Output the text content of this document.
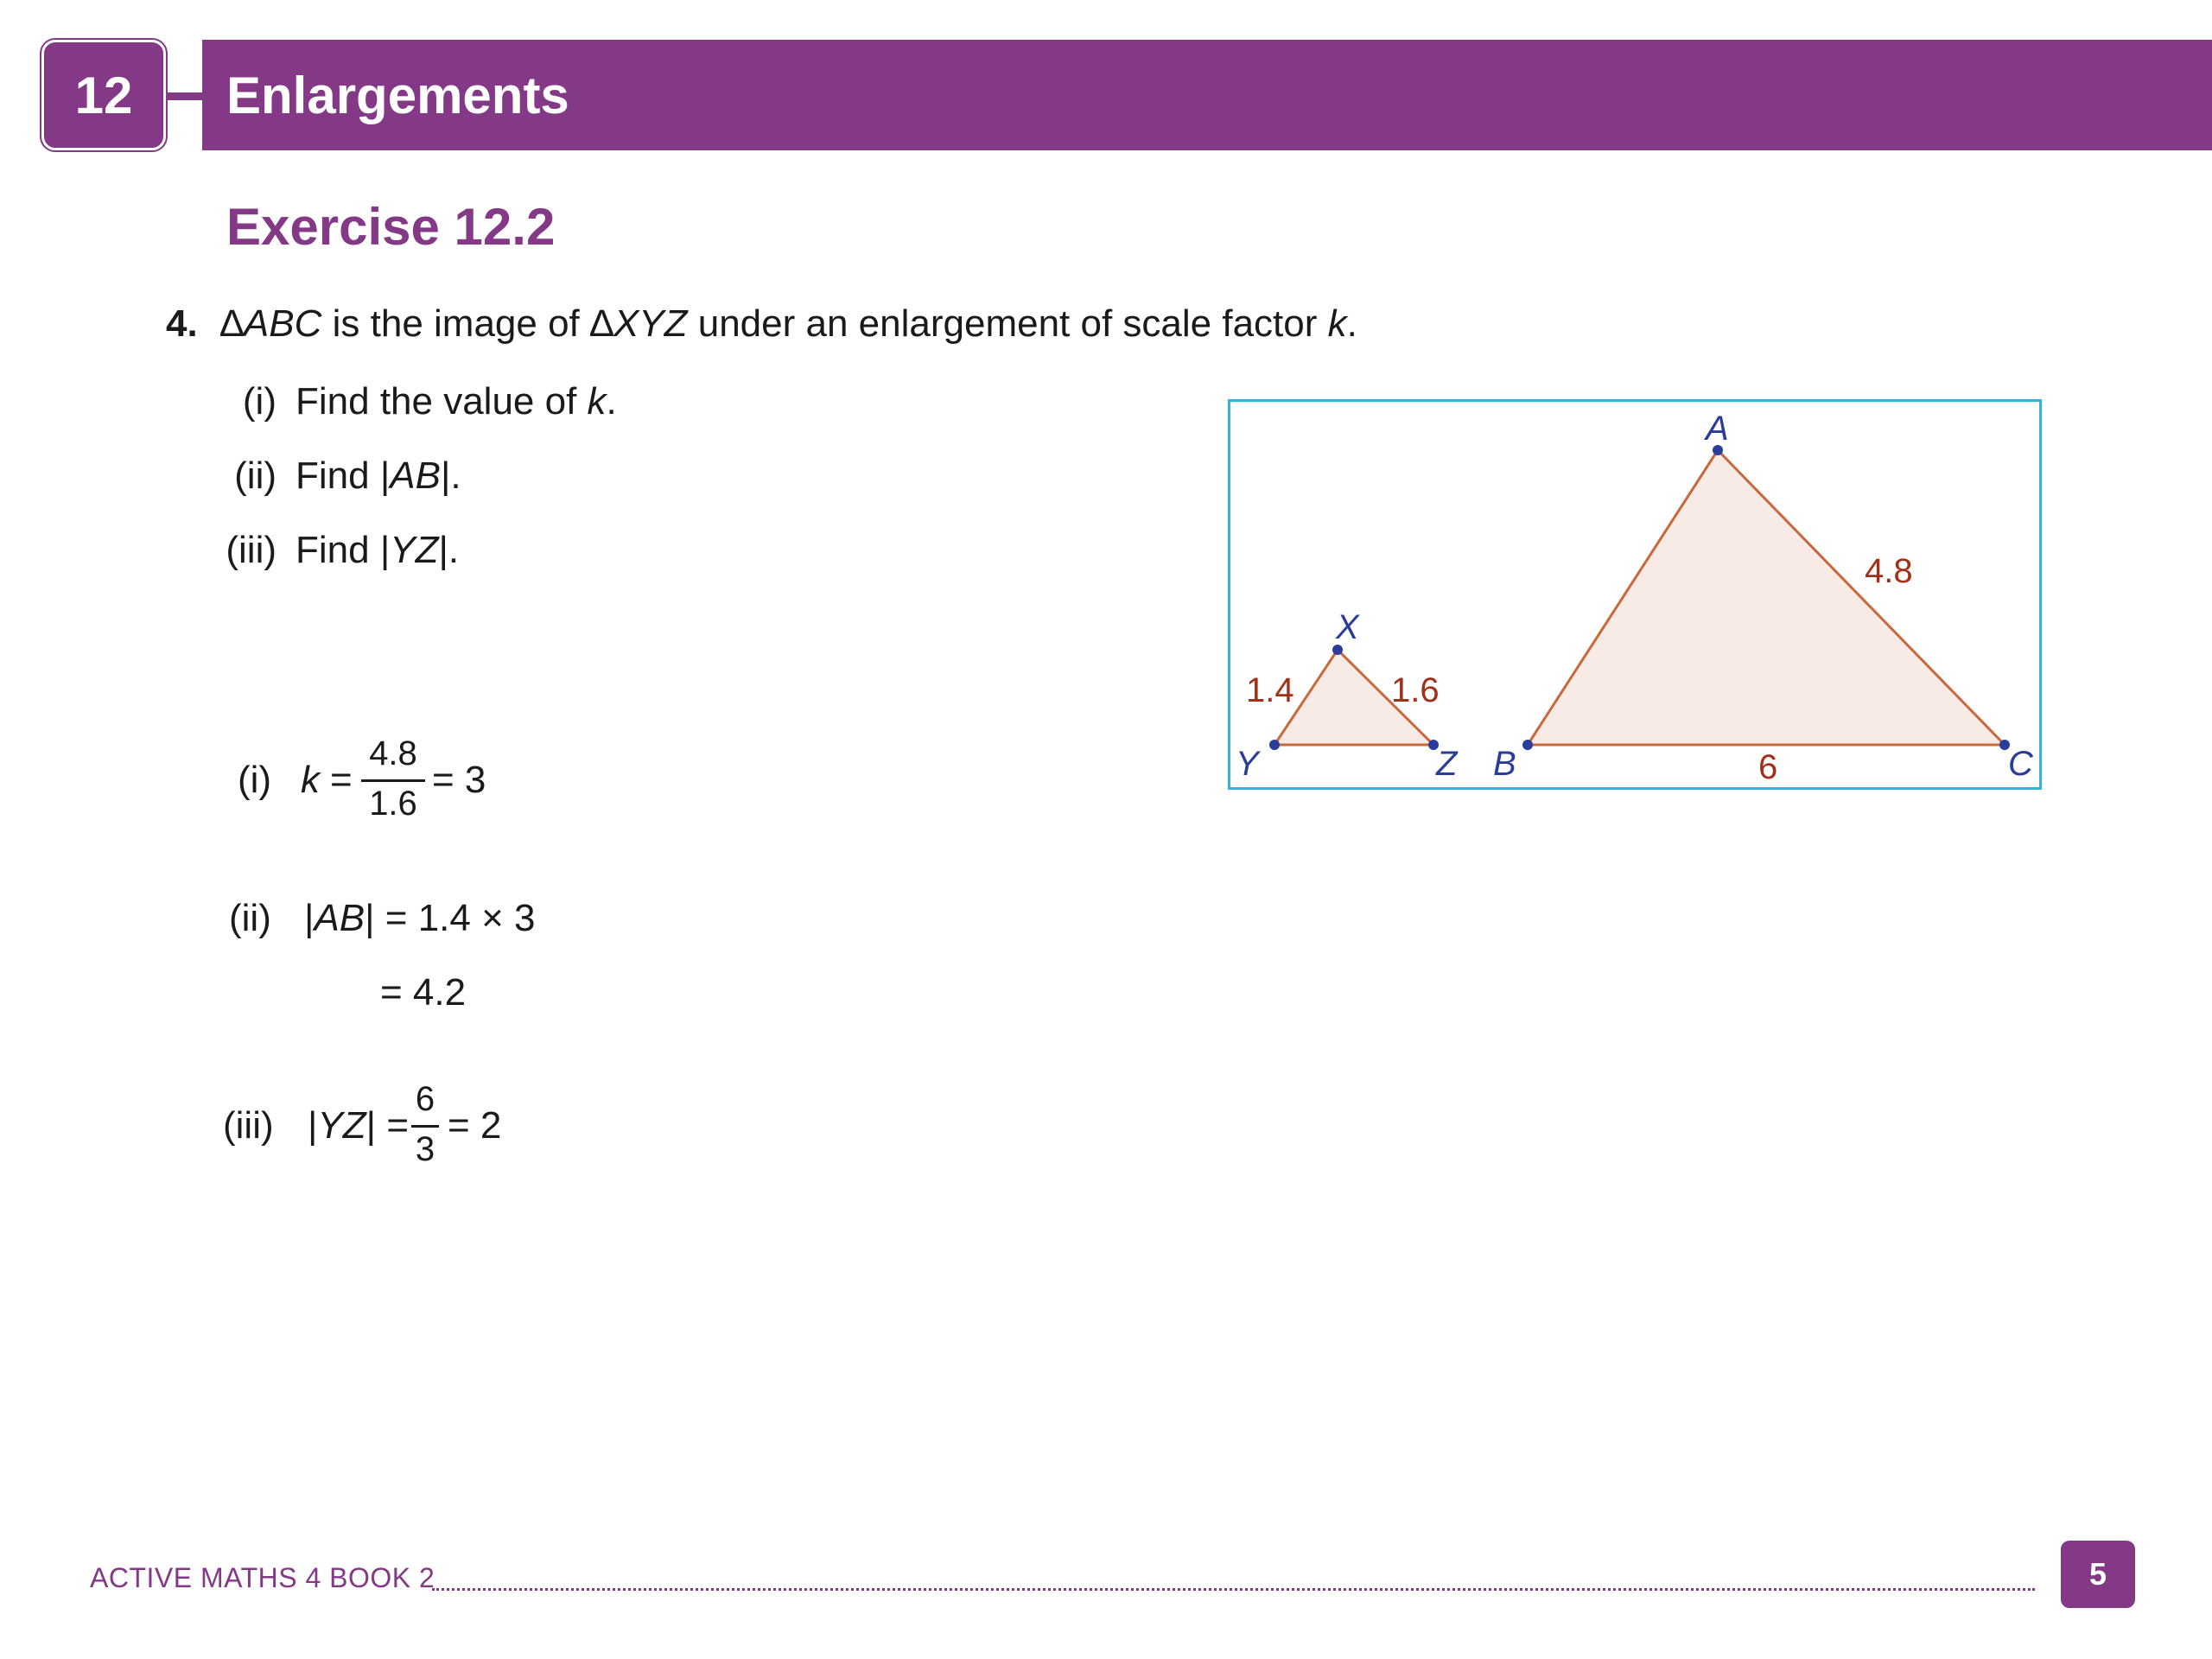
12 Enlargements
Exercise 12.2
4. ∆ABC is the image of ∆XYZ under an enlargement of scale factor k.
(i) Find the value of k.
(ii) Find |AB|.
(iii) Find |YZ|.
(i) k =
4.8
1.6
= 3
(ii) |AB| = 1.4 × 3
= 4.2
(iii) |YZ| =
6
3
= 2
X
Y	Z
A
B	C
1.4	1.6
4.8
6
ACTIVE MATHS 4 BOOK 2	5
